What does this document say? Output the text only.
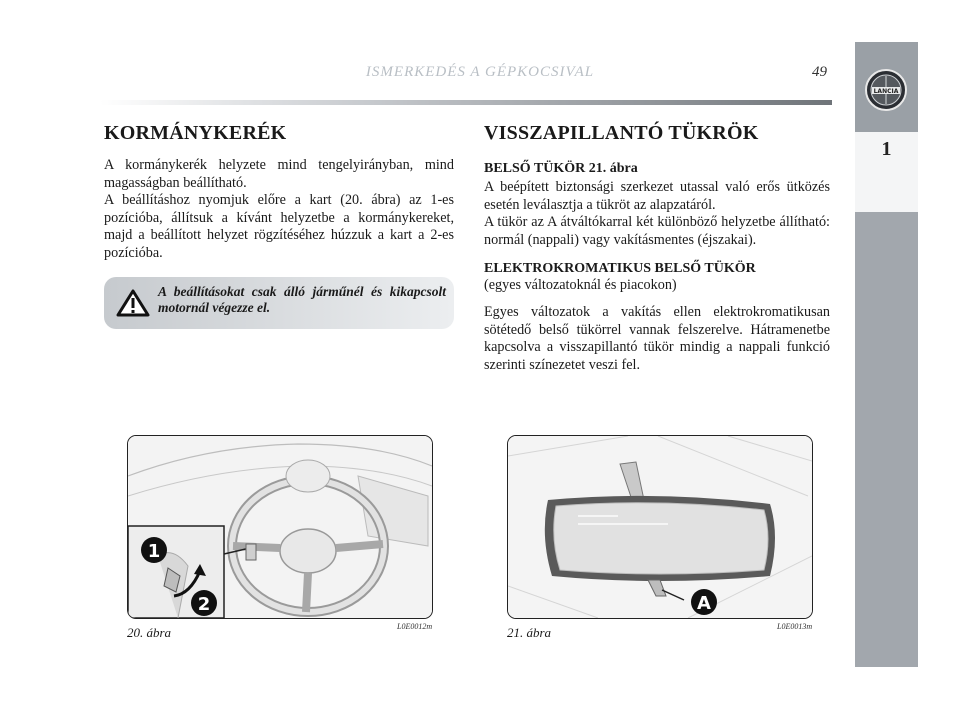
ISMERKEDÉS A GÉPKOCSIVAL	49
LANCIA
1
KORMÁNYKERÉK

A kormánykerék helyzete mind tengelyirányban, mind magasságban beállítható.

A beállításhoz nyomjuk előre a kart (20. ábra) az 1-es pozícióba, állítsuk a kívánt helyzetbe a kormánykereket, majd a beállított helyzet rögzítéséhez húzzuk a kart a 2-es pozícióba.

A beállításokat csak álló járműnél és kikapcsolt motornál végezze el.
VISSZAPILLANTÓ TÜKRÖK
BELSŐ TÜKÖR 21. ábra

A beépített biztonsági szerkezet utassal való erős ütközés esetén leválasztja a tükröt az alapzatáról.

A tükör az A átváltókarral két különböző helyzetbe állítható: normál (nappali) vagy vakításmentes (éjszakai).

ELEKTROKROMATIKUS BELSŐ TÜKÖR

(egyes változatoknál és piacokon)

Egyes változatok a vakítás ellen elektrokromatikusan sötétedő belső tükörrel vannak felszerelve. Hátramenetbe kapcsolva a visszapillantó tükör mindig a nappali funkció szerinti színezetet veszi fel.

1
2
20. ábra	L0E0012m
A
21. ábra	L0E0013m
